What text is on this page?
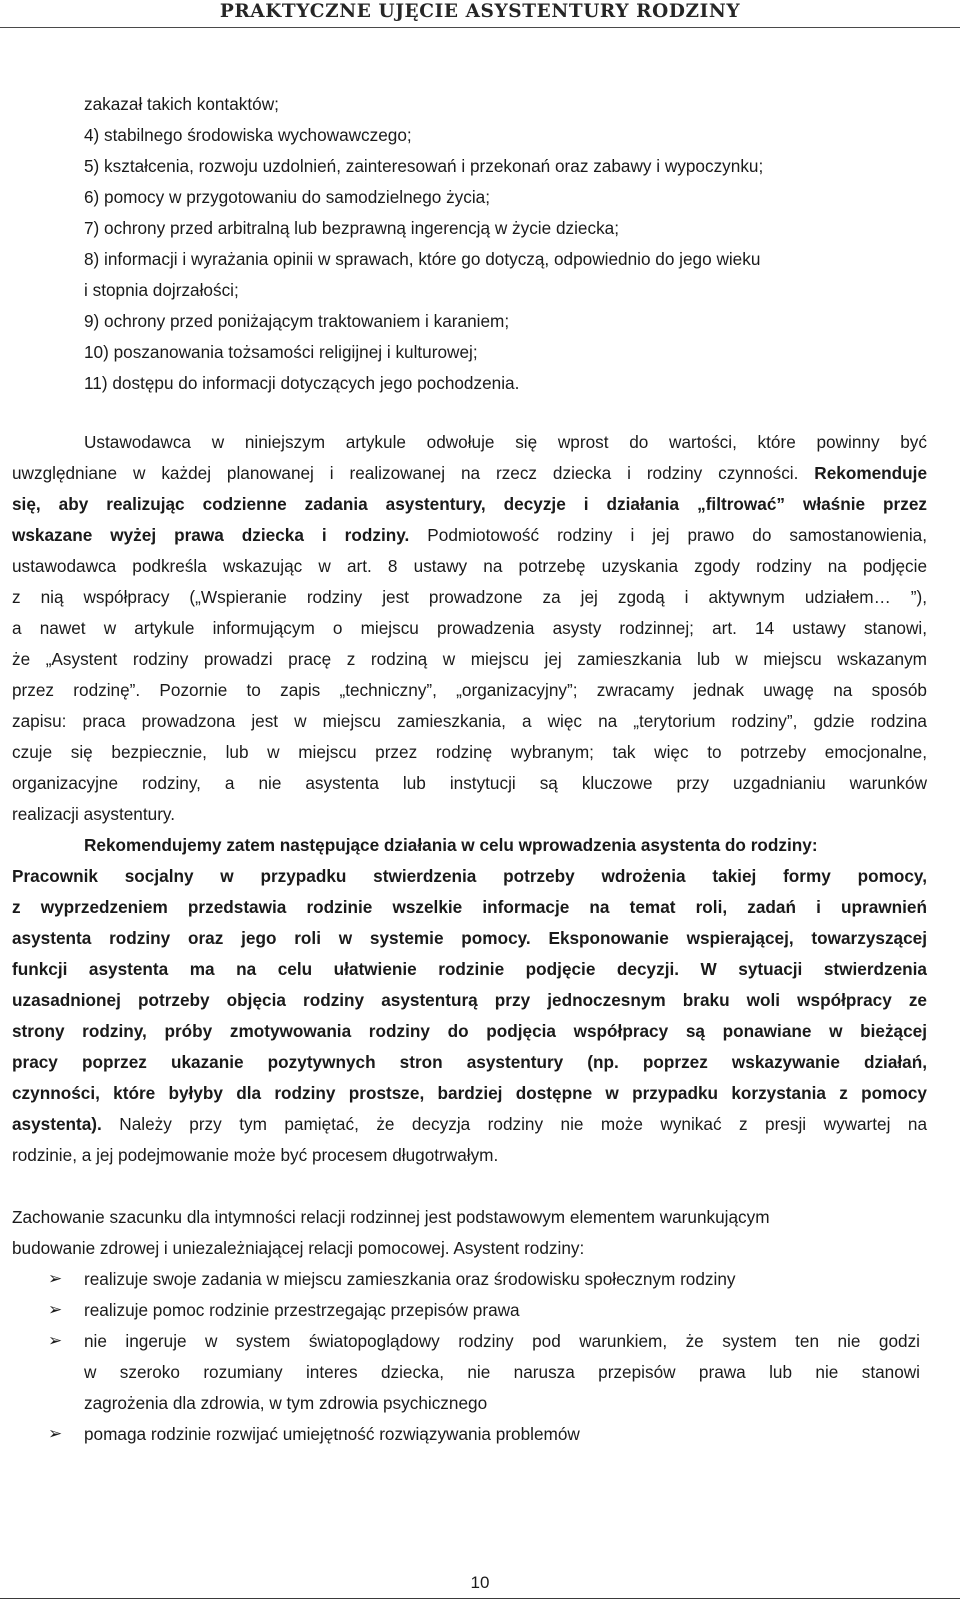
PRAKTYCZNE UJĘCIE ASYSTENTURY RODZINY
zakazał takich kontaktów;
4) stabilnego środowiska wychowawczego;
5) kształcenia, rozwoju uzdolnień, zainteresowań i przekonań oraz zabawy i wypoczynku;
6) pomocy w przygotowaniu do samodzielnego życia;
7) ochrony przed arbitralną lub bezprawną ingerencją w życie dziecka;
8) informacji i wyrażania opinii w sprawach, które go dotyczą, odpowiednio do jego wieku
i stopnia dojrzałości;
9) ochrony przed poniżającym traktowaniem i karaniem;
10) poszanowania tożsamości religijnej i kulturowej;
11) dostępu do informacji dotyczących jego pochodzenia.
Ustawodawca w niniejszym artykule odwołuje się wprost do wartości, które powinny być
uwzględniane w każdej planowanej i realizowanej na rzecz dziecka i rodziny czynności. Rekomenduje
się, aby realizując codzienne zadania asystentury, decyzje i działania „filtrować” właśnie przez
wskazane wyżej prawa dziecka i rodziny. Podmiotowość rodziny i jej prawo do samostanowienia,
ustawodawca podkreśla wskazując w art. 8 ustawy na potrzebę uzyskania zgody rodziny na podjęcie
z nią współpracy („Wspieranie rodziny jest prowadzone za jej zgodą i aktywnym udziałem… ”),
a nawet w artykule informującym o miejscu prowadzenia asysty rodzinnej; art. 14 ustawy stanowi,
że „Asystent rodziny prowadzi pracę z rodziną w miejscu jej zamieszkania lub w miejscu wskazanym
przez rodzinę”. Pozornie to zapis „techniczny”, „organizacyjny”; zwracamy jednak uwagę na sposób
zapisu: praca prowadzona jest w miejscu zamieszkania, a więc na „terytorium rodziny”, gdzie rodzina
czuje się bezpiecznie, lub w miejscu przez rodzinę wybranym; tak więc to potrzeby emocjonalne,
organizacyjne rodziny, a nie asystenta lub instytucji są kluczowe przy uzgadnianiu warunków
realizacji asystentury.
Rekomendujemy zatem następujące działania w celu wprowadzenia asystenta do rodziny:
Pracownik socjalny w przypadku stwierdzenia potrzeby wdrożenia takiej formy pomocy,
z wyprzedzeniem przedstawia rodzinie wszelkie informacje na temat roli, zadań i uprawnień
asystenta rodziny oraz jego roli w systemie pomocy. Eksponowanie wspierającej, towarzyszącej
funkcji asystenta ma na celu ułatwienie rodzinie podjęcie decyzji. W sytuacji stwierdzenia
uzasadnionej potrzeby objęcia rodziny asystenturą przy jednoczesnym braku woli współpracy ze
strony rodziny, próby zmotywowania rodziny do podjęcia współpracy są ponawiane w bieżącej
pracy poprzez ukazanie pozytywnych stron asystentury (np. poprzez wskazywanie działań,
czynności, które byłyby dla rodziny prostsze, bardziej dostępne w przypadku korzystania z pomocy
asystenta). Należy przy tym pamiętać, że decyzja rodziny nie może wynikać z presji wywartej na
rodzinie, a jej podejmowanie może być procesem długotrwałym.
Zachowanie szacunku dla intymności relacji rodzinnej jest podstawowym elementem warunkującym
budowanie zdrowej i uniezależniającej relacji pomocowej. Asystent rodziny:
➢ realizuje swoje zadania w miejscu zamieszkania oraz środowisku społecznym rodziny
➢ realizuje pomoc rodzinie przestrzegając przepisów prawa
➢ nie ingeruje w system światopoglądowy rodziny pod warunkiem, że system ten nie godzi
w szeroko rozumiany interes dziecka, nie narusza przepisów prawa lub nie stanowi
zagrożenia dla zdrowia, w tym zdrowia psychicznego
➢ pomaga rodzinie rozwijać umiejętność rozwiązywania problemów
10
